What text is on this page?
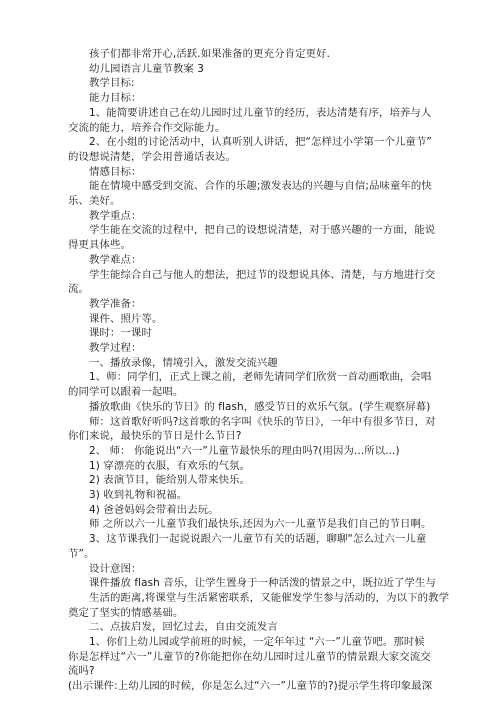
孩子们都非常开心,活跃.如果准备的更充分肯定更好.
幼儿园语言儿童节教案 3
教学目标:
能力目标：
1、能简要讲述自己在幼儿园时过儿童节的经历，表达清楚有序，培养与人
交流的能力，培养合作交际能力。
2、在小组的讨论活动中，认真听别人讲话，把“怎样过小学第一个儿童节”
的设想说清楚，学会用普通话表达。
情感目标：
能在情境中感受到交流、合作的乐趣;激发表达的兴趣与自信;品味童年的快
乐、美好。
教学重点：
学生能在交流的过程中，把自己的设想说清楚，对于感兴趣的一方面，能说
得更具体些。
教学难点：
学生能综合自己与他人的想法，把过节的设想说具体、清楚，与方地进行交
流。
教学准备：
课件、照片等。
课时：一课时
教学过程：
一、播放录像，情境引入，激发交流兴趣
1、师：同学们，正式上课之前，老师先请同学们欣赏一首动画歌曲，会唱
的同学可以跟着一起唱。
播放歌曲《快乐的节日》的 flash，感受节日的欢乐气氛。(学生观察屏幕)
师：这首歌好听吗?这首歌的名字叫《快乐的节日》，一年中有很多节日，对
你们来说，最快乐的节日是什么节日?
2、 师： 你能说出“六一”儿童节最快乐的理由吗?(用因为...所以...)
1) 穿漂亮的衣服，有欢乐的气氛。
2) 表演节目，能给别人带来快乐。
3) 收到礼物和祝福。
4) 爸爸妈妈会带着出去玩。
师 之所以六一儿童节我们最快乐,还因为六一儿童节是我们自己的节日啊。
3、这节课我们一起说说跟六一儿童节有关的话题，聊聊“怎么过六一儿童
节”。
设计意图：
课件播放 flash 音乐，让学生置身于一种活泼的情景之中，既拉近了学生与
生活的距离,将课堂与生活紧密联系，又能催发学生参与活动的，为以下的教学
奠定了坚实的情感基础。
二、点拔启发，回忆过去，自由交流发言
1、你们上幼儿园或学前班的时候，一定年年过 “六一”儿童节吧。那时候
你是怎样过“六一”儿童节的?你能把你在幼儿园时过儿童节的情景跟大家交流交
流吗?
(出示课件:上幼儿园的时候，你是怎么过“六一”儿童节的?)提示学生将印象最深
